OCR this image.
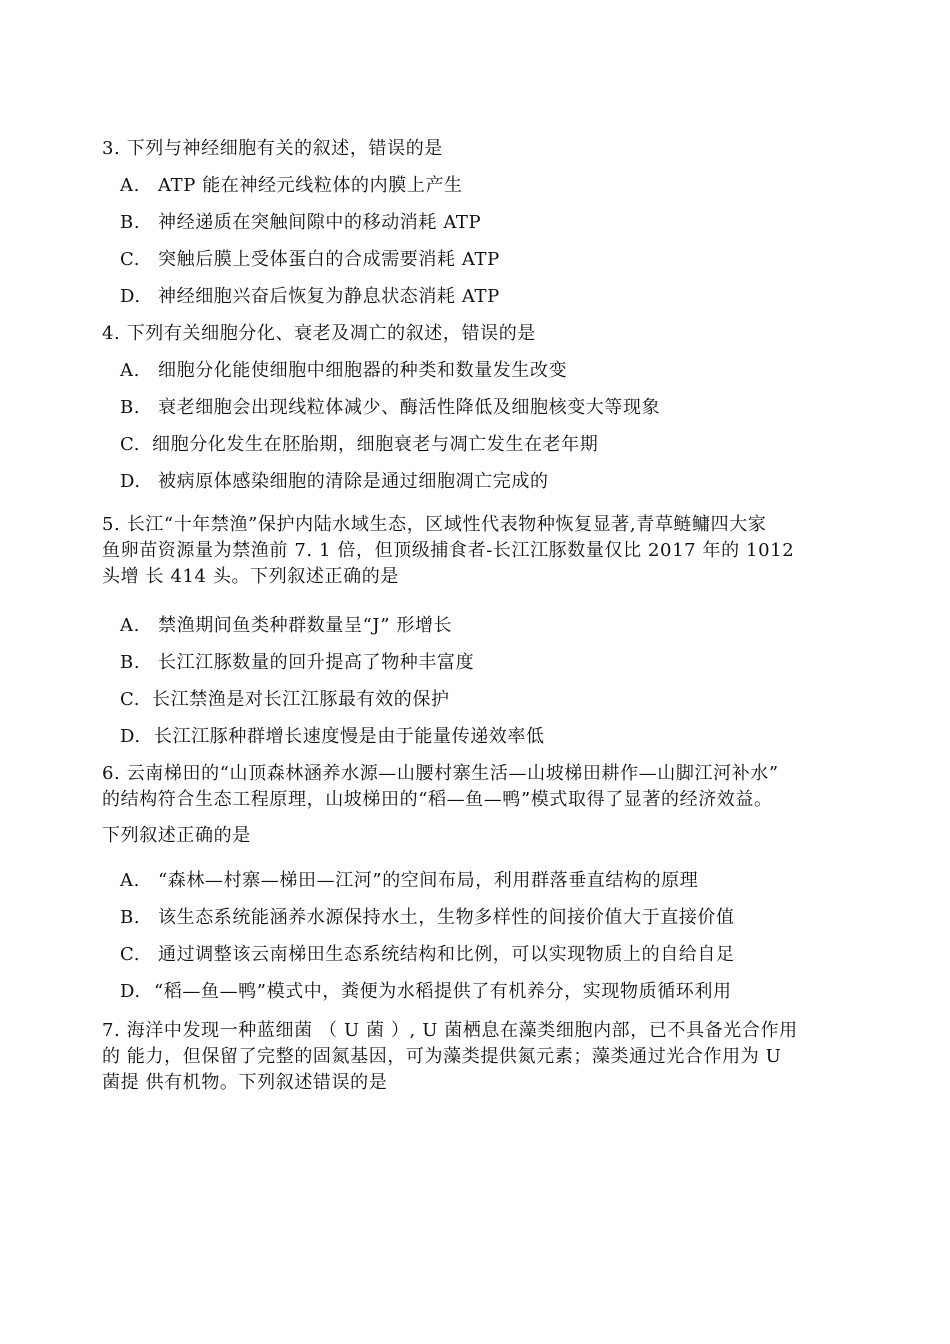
3. 下列与神经细胞有关的叙述，错误的是

A. ATP 能在神经元线粒体的内膜上产生
B. 神经递质在突触间隙中的移动消耗 ATP
C. 突触后膜上受体蛋白的合成需要消耗 ATP
D. 神经细胞兴奋后恢复为静息状态消耗 ATP
4. 下列有关细胞分化、衰老及凋亡的叙述，错误的是
A. 细胞分化能使细胞中细胞器的种类和数量发生改变
B. 衰老细胞会出现线粒体减少、酶活性降低及细胞核变大等现象
C. 细胞分化发生在胚胎期，细胞衰老与凋亡发生在老年期
D. 被病原体感染细胞的清除是通过细胞凋亡完成的
5. 长江“十年禁渔”保护内陆水域生态，区域性代表物种恢复显著,青草鲢鳙四大家
鱼卵苗资源量为禁渔前 7. 1 倍，但顶级捕食者-长江江豚数量仅比 2017 年的 1012
头增 长 414 头。下列叙述正确的是
A. 禁渔期间鱼类种群数量呈“J” 形增长
B. 长江江豚数量的回升提高了物种丰富度
C. 长江禁渔是对长江江豚最有效的保护
D. 长江江豚种群增长速度慢是由于能量传递效率低
6. 云南梯田的“山顶森林涵养水源—山腰村寨生活—山坡梯田耕作—山脚江河补水”
的结构符合生态工程原理，山坡梯田的“稻—鱼—鸭”模式取得了显著的经济效益。
下列叙述正确的是
A. “森林—村寨—梯田—江河”的空间布局，利用群落垂直结构的原理
B. 该生态系统能涵养水源保持水土，生物多样性的间接价值大于直接价值
C. 通过调整该云南梯田生态系统结构和比例，可以实现物质上的自给自足
D. “稻—鱼—鸭”模式中，粪便为水稻提供了有机养分，实现物质循环利用
7. 海洋中发现一种蓝细菌 （ U 菌 ）, U 菌栖息在藻类细胞内部，已不具备光合作用
的 能力，但保留了完整的固氮基因，可为藻类提供氮元素；藻类通过光合作用为 U
菌提 供有机物。下列叙述错误的是
